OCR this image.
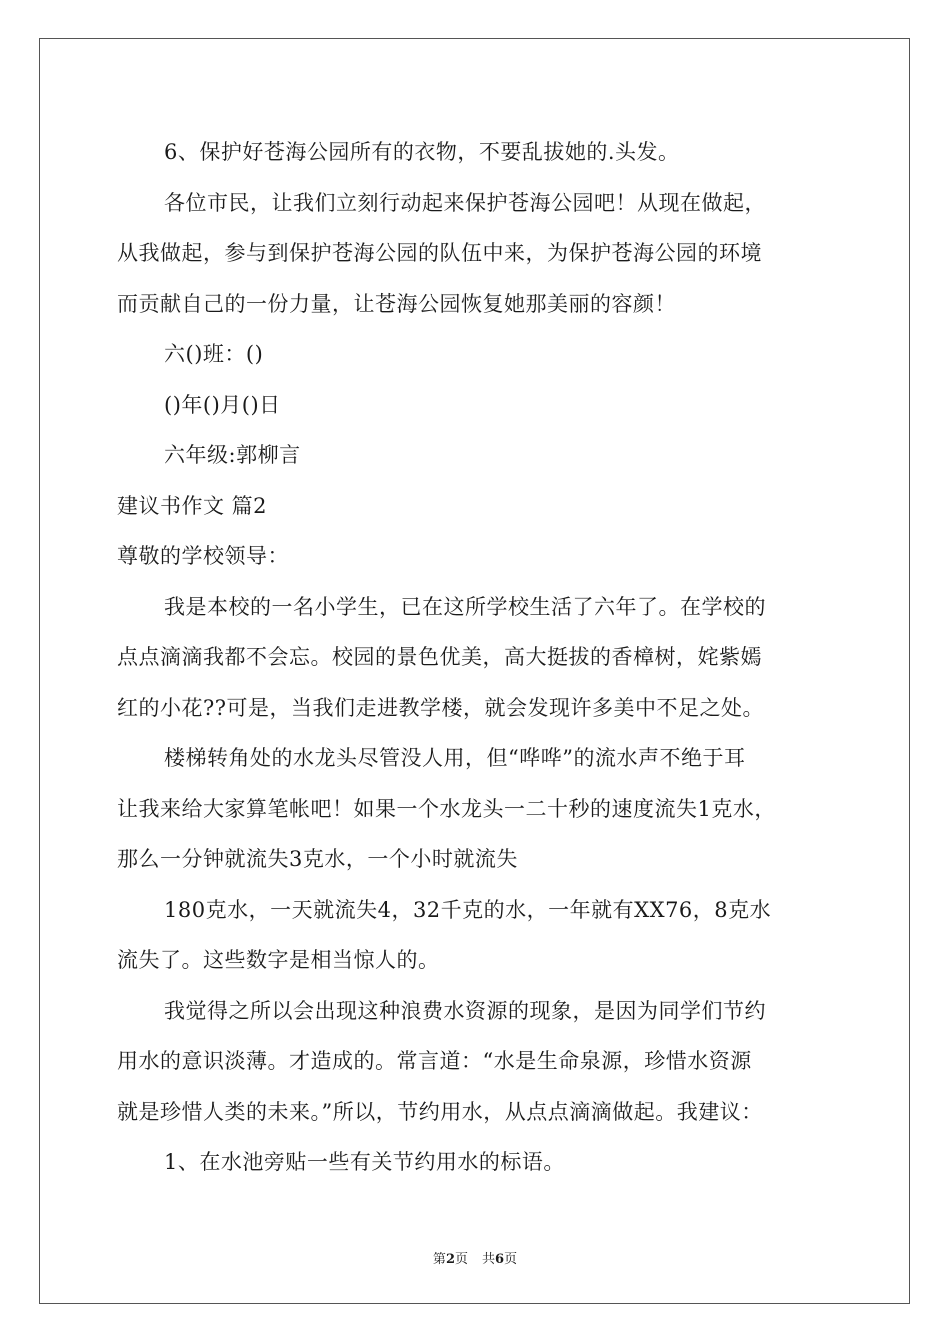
6、保护好苍海公园所有的衣物，不要乱拔她的.头发。
各位市民，让我们立刻行动起来保护苍海公园吧！从现在做起，
从我做起，参与到保护苍海公园的队伍中来，为保护苍海公园的环境
而贡献自己的一份力量，让苍海公园恢复她那美丽的容颜！
六()班：()
()年()月()日
六年级:郭柳言
建议书作文 篇2
尊敬的学校领导：
我是本校的一名小学生，已在这所学校生活了六年了。在学校的
点点滴滴我都不会忘。校园的景色优美，高大挺拔的香樟树，姹紫嫣
红的小花??可是，当我们走进教学楼，就会发现许多美中不足之处。
楼梯转角处的水龙头尽管没人用，但“哗哗”的流水声不绝于耳
让我来给大家算笔帐吧！如果一个水龙头一二十秒的速度流失1克水，
那么一分钟就流失3克水，一个小时就流失
180克水，一天就流失4，32千克的水，一年就有XX76，8克水
流失了。这些数字是相当惊人的。
我觉得之所以会出现这种浪费水资源的现象，是因为同学们节约
用水的意识淡薄。才造成的。常言道：“水是生命泉源，珍惜水资源
就是珍惜人类的未来。”所以，节约用水，从点点滴滴做起。我建议：
1、在水池旁贴一些有关节约用水的标语。
第2页 共6页
